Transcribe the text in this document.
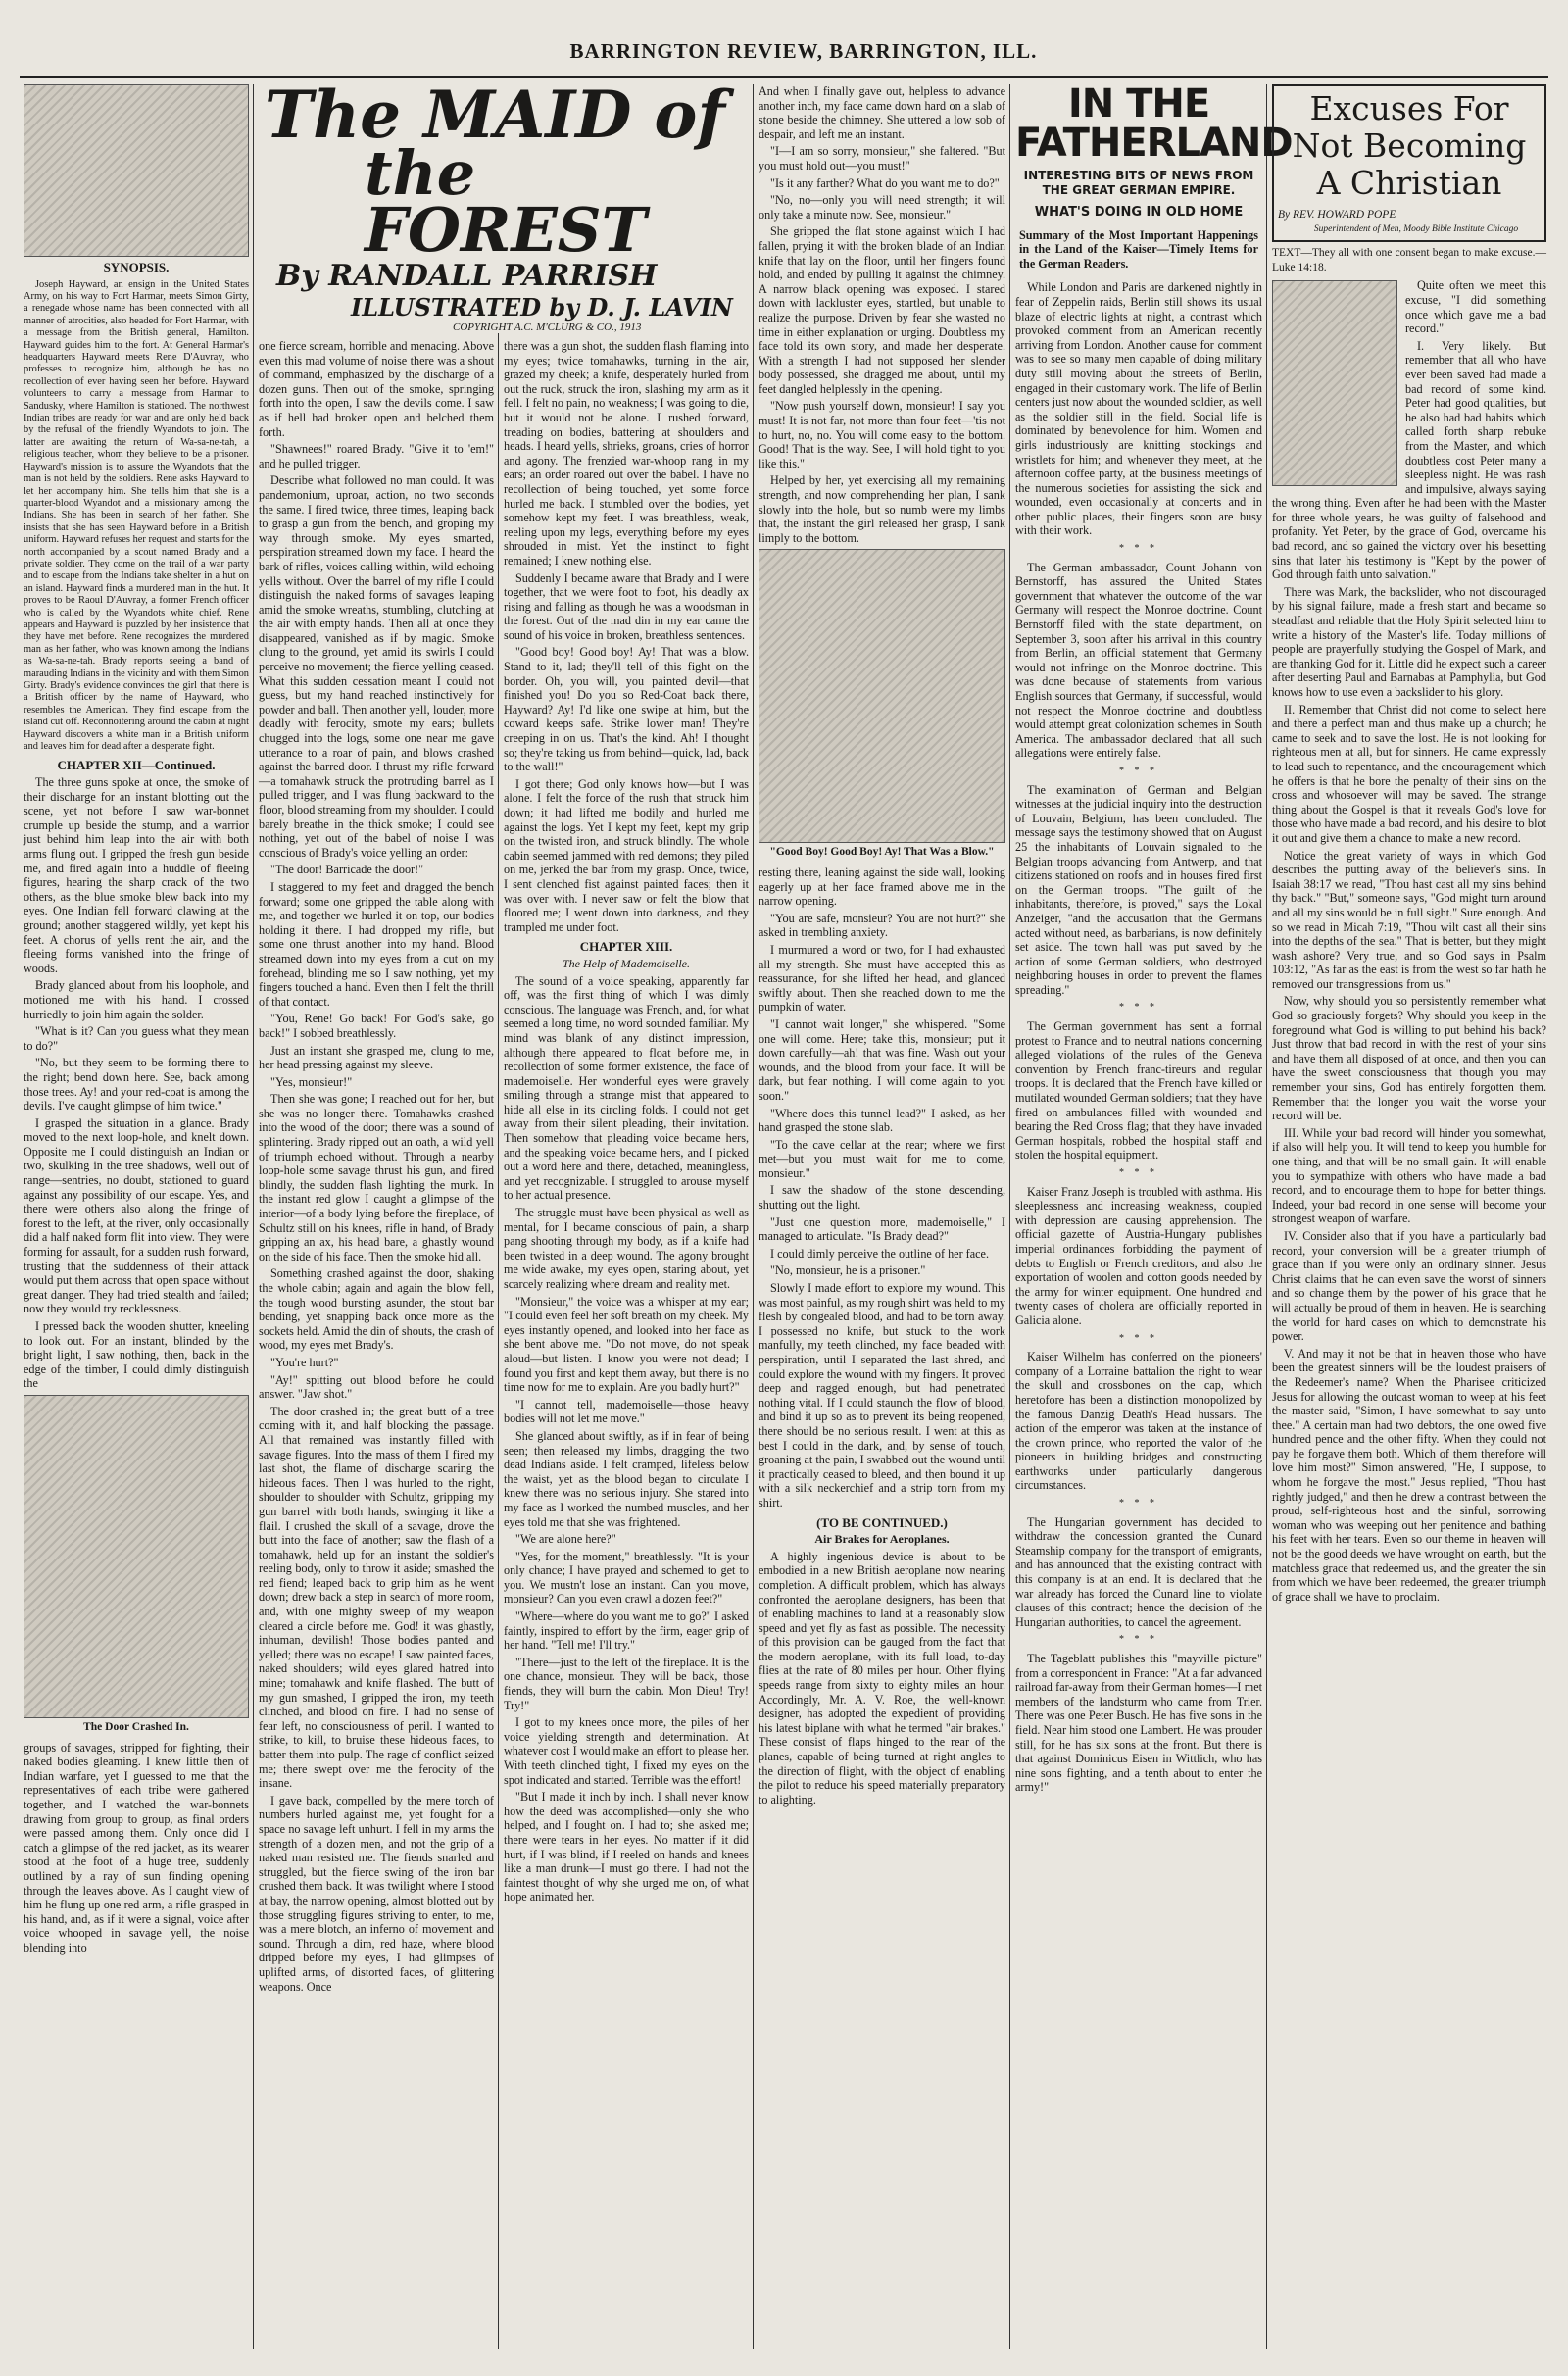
BARRINGTON REVIEW, BARRINGTON, ILL.
The MAID of
the FOREST
By RANDALL PARRISH
ILLUSTRATED by D. J. LAVIN
COPYRIGHT A.C. M'CLURG & CO., 1913
SYNOPSIS.

Joseph Hayward, an ensign in the United States Army, on his way to Fort Harmar, meets Simon Girty, a renegade whose name has been connected with all manner of atrocities, also headed for Fort Harmar, with a message from the British general, Hamilton. Hayward guides him to the fort. At General Harmar's headquarters Hayward meets Rene D'Auvray, who professes to recognize him, although he has no recollection of ever having seen her before. Hayward volunteers to carry a message from Harmar to Sandusky, where Hamilton is stationed. The northwest Indian tribes are ready for war and are only held back by the refusal of the friendly Wyandots to join. The latter are awaiting the return of Wa-sa-ne-tah, a religious teacher, whom they believe to be a prisoner. Hayward's mission is to assure the Wyandots that the man is not held by the soldiers. Rene asks Hayward to let her accompany him. She tells him that she is a quarter-blood Wyandot and a missionary among the Indians. She has been in search of her father. She insists that she has seen Hayward before in a British uniform. Hayward refuses her request and starts for the north accompanied by a scout named Brady and a private soldier. They come on the trail of a war party and to escape from the Indians take shelter in a hut on an island. Hayward finds a murdered man in the hut. It proves to be Raoul D'Auvray, a former French officer who is called by the Wyandots white chief. Rene appears and Hayward is puzzled by her insistence that they have met before. Rene recognizes the murdered man as her father, who was known among the Indians as Wa-sa-ne-tah. Brady reports seeing a band of marauding Indians in the vicinity and with them Simon Girty. Brady's evidence convinces the girl that there is a British officer by the name of Hayward, who resembles the American. They find escape from the island cut off. Reconnoitering around the cabin at night Hayward discovers a white man in a British uniform and leaves him for dead after a desperate fight.

CHAPTER XII—Continued.

The three guns spoke at once, the smoke of their discharge for an instant blotting out the scene, yet not before I saw war-bonnet crumple up beside the stump, and a warrior just behind him leap into the air with both arms flung out. I gripped the fresh gun beside me, and fired again into a huddle of fleeing figures, hearing the sharp crack of the two others, as the blue smoke blew back into my eyes. One Indian fell forward clawing at the ground; another staggered wildly, yet kept his feet. A chorus of yells rent the air, and the fleeing forms vanished into the fringe of woods.

Brady glanced about from his loophole, and motioned me with his hand. I crossed hurriedly to join him again the solder.

"What is it? Can you guess what they mean to do?"

"No, but they seem to be forming there to the right; bend down here. See, back among those trees. Ay! and your red-coat is among the devils. I've caught glimpse of him twice."

I grasped the situation in a glance. Brady moved to the next loop-hole, and knelt down. Opposite me I could distinguish an Indian or two, skulking in the tree shadows, well out of range—sentries, no doubt, stationed to guard against any possibility of our escape. Yes, and there were others also along the fringe of forest to the left, at the river, only occasionally did a half naked form flit into view. They were forming for assault, for a sudden rush forward, trusting that the suddenness of their attack would put them across that open space without great danger. They had tried stealth and failed; now they would try recklessness.

I pressed back the wooden shutter, kneeling to look out. For an instant, blinded by the bright light, I saw nothing, then, back in the edge of the timber, I could dimly distinguish the

The Door Crashed In.

groups of savages, stripped for fighting, their naked bodies gleaming. I knew little then of Indian warfare, yet I guessed to me that the representatives of each tribe were gathered together, and I watched the war-bonnets drawing from group to group, as final orders were passed among them. Only once did I catch a glimpse of the red jacket, as its wearer stood at the foot of a huge tree, suddenly outlined by a ray of sun finding opening through the leaves above. As I caught view of him he flung up one red arm, a rifle grasped in his hand, and, as if it were a signal, voice after voice whooped in savage yell, the noise blending into

one fierce scream, horrible and menacing. Above even this mad volume of noise there was a shout of command, emphasized by the discharge of a dozen guns. Then out of the smoke, springing forth into the open, I saw the devils come. I saw as if hell had broken open and belched them forth.

"Shawnees!" roared Brady. "Give it to 'em!" and he pulled trigger.

Describe what followed no man could. It was pandemonium, uproar, action, no two seconds the same. I fired twice, three times, leaping back to grasp a gun from the bench, and groping my way through smoke. My eyes smarted, perspiration streamed down my face. I heard the bark of rifles, voices calling within, wild echoing yells without. Over the barrel of my rifle I could distinguish the naked forms of savages leaping amid the smoke wreaths, stumbling, clutching at the air with empty hands. Then all at once they disappeared, vanished as if by magic. Smoke clung to the ground, yet amid its swirls I could perceive no movement; the fierce yelling ceased. What this sudden cessation meant I could not guess, but my hand reached instinctively for powder and ball. Then another yell, louder, more deadly with ferocity, smote my ears; bullets chugged into the logs, some one near me gave utterance to a roar of pain, and blows crashed against the barred door. I thrust my rifle forward—a tomahawk struck the protruding barrel as I pulled trigger, and I was flung backward to the floor, blood streaming from my shoulder. I could barely breathe in the thick smoke; I could see nothing, yet out of the babel of noise I was conscious of Brady's voice yelling an order:

"The door! Barricade the door!"

I staggered to my feet and dragged the bench forward; some one gripped the table along with me, and together we hurled it on top, our bodies holding it there. I had dropped my rifle, but some one thrust another into my hand. Blood streamed down into my eyes from a cut on my forehead, blinding me so I saw nothing, yet my fingers touched a hand. Even then I felt the thrill of that contact.

"You, Rene! Go back! For God's sake, go back!" I sobbed breathlessly.

Just an instant she grasped me, clung to me, her head pressing against my sleeve.

"Yes, monsieur!"

Then she was gone; I reached out for her, but she was no longer there. Tomahawks crashed into the wood of the door; there was a sound of splintering. Brady ripped out an oath, a wild yell of triumph echoed without. Through a nearby loop-hole some savage thrust his gun, and fired blindly, the sudden flash lighting the murk. In the instant red glow I caught a glimpse of the interior—of a body lying before the fireplace, of Schultz still on his knees, rifle in hand, of Brady gripping an ax, his head bare, a ghastly wound on the side of his face. Then the smoke hid all.

Something crashed against the door, shaking the whole cabin; again and again the blow fell, the tough wood bursting asunder, the stout bar bending, yet snapping back once more as the sockets held. Amid the din of shouts, the crash of wood, my eyes met Brady's.

"You're hurt?"

"Ay!" spitting out blood before he could answer. "Jaw shot."

The door crashed in; the great butt of a tree coming with it, and half blocking the passage. All that remained was instantly filled with savage figures. Into the mass of them I fired my last shot, the flame of discharge scaring the hideous faces. Then I was hurled to the right, shoulder to shoulder with Schultz, gripping my gun barrel with both hands, swinging it like a flail. I crushed the skull of a savage, drove the butt into the face of another; saw the flash of a tomahawk, held up for an instant the soldier's reeling body, only to throw it aside; smashed the red fiend; leaped back to grip him as he went down; drew back a step in search of more room, and, with one mighty sweep of my weapon cleared a circle before me. God! it was ghastly, inhuman, devilish! Those bodies panted and yelled; there was no escape! I saw painted faces, naked shoulders; wild eyes glared hatred into mine; tomahawk and knife flashed. The butt of my gun smashed, I gripped the iron, my teeth clinched, and blood on fire. I had no sense of fear left, no consciousness of peril. I wanted to strike, to kill, to bruise these hideous faces, to batter them into pulp. The rage of conflict seized me; there swept over me the ferocity of the insane.

I gave back, compelled by the mere torch of numbers hurled against me, yet fought for a space no savage left unhurt. I fell in my arms the strength of a dozen men, and not the grip of a naked man resisted me. The fiends snarled and struggled, but the fierce swing of the iron bar crushed them back. It was twilight where I stood at bay, the narrow opening, almost blotted out by those struggling figures striving to enter, to me, was a mere blotch, an inferno of movement and sound. Through a dim, red haze, where blood dripped before my eyes, I had glimpses of uplifted arms, of distorted faces, of glittering weapons. Once

there was a gun shot, the sudden flash flaming into my eyes; twice tomahawks, turning in the air, grazed my cheek; a knife, desperately hurled from out the ruck, struck the iron, slashing my arm as it fell. I felt no pain, no weakness; I was going to die, but it would not be alone. I rushed forward, treading on bodies, battering at shoulders and heads. I heard yells, shrieks, groans, cries of horror and agony. The frenzied war-whoop rang in my ears; an order roared out over the babel. I have no recollection of being touched, yet some force hurled me back. I stumbled over the bodies, yet somehow kept my feet. I was breathless, weak, reeling upon my legs, everything before my eyes shrouded in mist. Yet the instinct to fight remained; I knew nothing else.

Suddenly I became aware that Brady and I were together, that we were foot to foot, his deadly ax rising and falling as though he was a woodsman in the forest. Out of the mad din in my ear came the sound of his voice in broken, breathless sentences.

"Good boy! Good boy! Ay! That was a blow. Stand to it, lad; they'll tell of this fight on the border. Oh, you will, you painted devil—that finished you! Do you so Red-Coat back there, Hayward? Ay! I'd like one swipe at him, but the coward keeps safe. Strike lower man! They're creeping in on us. That's the kind. Ah! I thought so; they're taking us from behind—quick, lad, back to the wall!"

I got there; God only knows how—but I was alone. I felt the force of the rush that struck him down; it had lifted me bodily and hurled me against the logs. Yet I kept my feet, kept my grip on the twisted iron, and struck blindly. The whole cabin seemed jammed with red demons; they piled on me, jerked the bar from my grasp. Once, twice, I sent clenched fist against painted faces; then it was over with. I never saw or felt the blow that floored me; I went down into darkness, and they trampled me under foot.

CHAPTER XIII.
The Help of Mademoiselle.

The sound of a voice speaking, apparently far off, was the first thing of which I was dimly conscious. The language was French, and, for what seemed a long time, no word sounded familiar. My mind was blank of any distinct impression, although there appeared to float before me, in recollection of some former existence, the face of mademoiselle. Her wonderful eyes were gravely smiling through a strange mist that appeared to hide all else in its circling folds. I could not get away from their silent pleading, their invitation. Then somehow that pleading voice became hers, and the speaking voice became hers, and I picked out a word here and there, detached, meaningless, and yet recognizable. I struggled to arouse myself to her actual presence.

The struggle must have been physical as well as mental, for I became conscious of pain, a sharp pang shooting through my body, as if a knife had been twisted in a deep wound. The agony brought me wide awake, my eyes open, staring about, yet scarcely realizing where dream and reality met.

"Monsieur," the voice was a whisper at my ear; "I could even feel her soft breath on my cheek. My eyes instantly opened, and looked into her face as she bent above me. "Do not move, do not speak aloud—but listen. I know you were not dead; I found you first and kept them away, but there is no time now for me to explain. Are you badly hurt?"

"I cannot tell, mademoiselle—those heavy bodies will not let me move."

She glanced about swiftly, as if in fear of being seen; then released my limbs, dragging the two dead Indians aside. I felt cramped, lifeless below the waist, yet as the blood began to circulate I knew there was no serious injury. She stared into my face as I worked the numbed muscles, and her eyes told me that she was frightened.

"We are alone here?"

"Yes, for the moment," breathlessly. "It is your only chance; I have prayed and schemed to get to you. We mustn't lose an instant. Can you move, monsieur? Can you even crawl a dozen feet?"

"Where—where do you want me to go?" I asked faintly, inspired to effort by the firm, eager grip of her hand. "Tell me! I'll try."

"There—just to the left of the fireplace. It is the one chance, monsieur. They will be back, those fiends, they will burn the cabin. Mon Dieu! Try! Try!"

I got to my knees once more, the piles of her voice yielding strength and determination. At whatever cost I would make an effort to please her. With teeth clinched tight, I fixed my eyes on the spot indicated and started. Terrible was the effort!

"But I made it inch by inch. I shall never know how the deed was accomplished—only she who helped, and I fought on. I had to; she asked me; there were tears in her eyes. No matter if it did hurt, if I was blind, if I reeled on hands and knees like a man drunk—I must go there. I had not the faintest thought of why she urged me on, of what hope animated her.

And when I finally gave out, helpless to advance another inch, my face came down hard on a slab of stone beside the chimney. She uttered a low sob of despair, and left me an instant.

"I—I am so sorry, monsieur," she faltered. "But you must hold out—you must!"

"Is it any farther? What do you want me to do?"

"No, no—only you will need strength; it will only take a minute now. See, monsieur."

She gripped the flat stone against which I had fallen, prying it with the broken blade of an Indian knife that lay on the floor, until her fingers found hold, and ended by pulling it against the chimney. A narrow black opening was exposed. I stared down with lackluster eyes, startled, but unable to realize the purpose. Driven by fear she wasted no time in either explanation or urging. Doubtless my face told its own story, and made her desperate. With a strength I had not supposed her slender body possessed, she dragged me about, until my feet dangled helplessly in the opening.

"Now push yourself down, monsieur! I say you must! It is not far, not more than four feet—'tis not to hurt, no, no. You will come easy to the bottom. Good! That is the way. See, I will hold tight to you like this."

Helped by her, yet exercising all my remaining strength, and now comprehending her plan, I sank slowly into the hole, but so numb were my limbs that, the instant the girl released her grasp, I sank limply to the bottom.

"Good Boy! Good Boy! Ay! That Was a Blow."

resting there, leaning against the side wall, looking eagerly up at her face framed above me in the narrow opening.

"You are safe, monsieur? You are not hurt?" she asked in trembling anxiety.

I murmured a word or two, for I had exhausted all my strength. She must have accepted this as reassurance, for she lifted her head, and glanced swiftly about. Then she reached down to me the pumpkin of water.

"I cannot wait longer," she whispered. "Some one will come. Here; take this, monsieur; put it down carefully—ah! that was fine. Wash out your wounds, and the blood from your face. It will be dark, but fear nothing. I will come again to you soon."

"Where does this tunnel lead?" I asked, as her hand grasped the stone slab.

"To the cave cellar at the rear; where we first met—but you must wait for me to come, monsieur."

I saw the shadow of the stone descending, shutting out the light.

"Just one question more, mademoiselle," I managed to articulate. "Is Brady dead?"

I could dimly perceive the outline of her face.

"No, monsieur, he is a prisoner."

Slowly I made effort to explore my wound. This was most painful, as my rough shirt was held to my flesh by congealed blood, and had to be torn away. I possessed no knife, but stuck to the work manfully, my teeth clinched, my face beaded with perspiration, until I separated the last shred, and could explore the wound with my fingers. It proved deep and ragged enough, but had penetrated nothing vital. If I could staunch the flow of blood, and bind it up so as to prevent its being reopened, there should be no serious result. I went at this as best I could in the dark, and, by sense of touch, groaning at the pain, I swabbed out the wound until it practically ceased to bleed, and then bound it up with a silk neckerchief and a strip torn from my shirt.

(TO BE CONTINUED.)
Air Brakes for Aeroplanes.

A highly ingenious device is about to be embodied in a new British aeroplane now nearing completion. A difficult problem, which has always confronted the aeroplane designers, has been that of enabling machines to land at a reasonably slow speed and yet fly as fast as possible. The necessity of this provision can be gauged from the fact that the modern aeroplane, with its full load, to-day flies at the rate of 80 miles per hour. Other flying speeds range from sixty to eighty miles an hour. Accordingly, Mr. A. V. Roe, the well-known designer, has adopted the expedient of providing his latest biplane with what he termed "air brakes." These consist of flaps hinged to the rear of the planes, capable of being turned at right angles to the direction of flight, with the object of enabling the pilot to reduce his speed materially preparatory to alighting.

IN THE FATHERLAND
INTERESTING BITS OF NEWS FROM THE GREAT GERMAN EMPIRE.
WHAT'S DOING IN OLD HOME
Summary of the Most Important Happenings in the Land of the Kaiser—Timely Items for the German Readers.

While London and Paris are darkened nightly in fear of Zeppelin raids, Berlin still shows its usual blaze of electric lights at night, a contrast which provoked comment from an American recently arriving from London. Another cause for comment was to see so many men capable of doing military duty still moving about the streets of Berlin, engaged in their customary work. The life of Berlin centers just now about the wounded soldier, as well as the soldier still in the field. Social life is dominated by benevolence for him. Women and girls industriously are knitting stockings and wristlets for him; and whenever they meet, at the afternoon coffee party, at the business meetings of the numerous societies for assisting the sick and wounded, even occasionally at concerts and in other public places, their fingers soon are busy with their work.

* * *

The German ambassador, Count Johann von Bernstorff, has assured the United States government that whatever the outcome of the war Germany will respect the Monroe doctrine. Count Bernstorff filed with the state department, on September 3, soon after his arrival in this country from Berlin, an official statement that Germany would not infringe on the Monroe doctrine. This was done because of statements from various English sources that Germany, if successful, would not respect the Monroe doctrine and doubtless would attempt great colonization schemes in South America. The ambassador declared that all such allegations were entirely false.

* * *

The examination of German and Belgian witnesses at the judicial inquiry into the destruction of Louvain, Belgium, has been concluded. The message says the testimony showed that on August 25 the inhabitants of Louvain signaled to the Belgian troops advancing from Antwerp, and that citizens stationed on roofs and in houses fired first on the German troops. "The guilt of the inhabitants, therefore, is proved," says the Lokal Anzeiger, "and the accusation that the Germans acted without need, as barbarians, is now definitely set aside. The town hall was put saved by the action of some German soldiers, who destroyed neighboring houses in order to prevent the flames spreading."

* * *

The German government has sent a formal protest to France and to neutral nations concerning alleged violations of the rules of the Geneva convention by French franc-tireurs and regular troops. It is declared that the French have killed or mutilated wounded German soldiers; that they have fired on ambulances filled with wounded and bearing the Red Cross flag; that they have invaded German hospitals, robbed the hospital staff and stolen the hospital equipment.

* * *

Kaiser Franz Joseph is troubled with asthma. His sleeplessness and increasing weakness, coupled with depression are causing apprehension. The official gazette of Austria-Hungary publishes imperial ordinances forbidding the payment of debts to English or French creditors, and also the exportation of woolen and cotton goods needed by the army for winter equipment. One hundred and twenty cases of cholera are officially reported in Galicia alone.

* * *

Kaiser Wilhelm has conferred on the pioneers' company of a Lorraine battalion the right to wear the skull and crossbones on the cap, which heretofore has been a distinction monopolized by the famous Danzig Death's Head hussars. The action of the emperor was taken at the instance of the crown prince, who reported the valor of the pioneers in building bridges and constructing earthworks under particularly dangerous circumstances.

* * *

The Hungarian government has decided to withdraw the concession granted the Cunard Steamship company for the transport of emigrants, and has announced that the existing contract with this company is at an end. It is declared that the war already has forced the Cunard line to violate clauses of this contract; hence the decision of the Hungarian authorities, to cancel the agreement.

* * *

The Tageblatt publishes this "mayville picture" from a correspondent in France: "At a far advanced railroad far-away from their German homes—I met members of the landsturm who came from Trier. There was one Peter Busch. He has five sons in the field. Near him stood one Lambert. He was prouder still, for he has six sons at the front. But there is that against Dominicus Eisen in Wittlich, who has nine sons fighting, and a tenth about to enter the army!"

Excuses For Not Becoming A Christian
By REV. HOWARD POPE
Superintendent of Men, Moody Bible Institute Chicago
TEXT—They all with one consent began to make excuse.—Luke 14:18.

Quite often we meet this excuse, "I did something once which gave me a bad record."

I. Very likely. But remember that all who have ever been saved had made a bad record of some kind. Peter had good qualities, but he also had bad habits which called forth sharp rebuke from the Master, and which doubtless cost Peter many a sleepless night. He was rash and impulsive, always saying the wrong thing. Even after he had been with the Master for three whole years, he was guilty of falsehood and profanity. Yet Peter, by the grace of God, overcame his bad record, and so gained the victory over his besetting sins that later his testimony is "Kept by the power of God through faith unto salvation."

There was Mark, the backslider, who not discouraged by his signal failure, made a fresh start and became so steadfast and reliable that the Holy Spirit selected him to write a history of the Master's life. Today millions of people are prayerfully studying the Gospel of Mark, and are thanking God for it. Little did he expect such a career after deserting Paul and Barnabas at Pamphylia, but God knows how to use even a backslider to his glory.

II. Remember that Christ did not come to select here and there a perfect man and thus make up a church; he came to seek and to save the lost. He is not looking for righteous men at all, but for sinners. He came expressly to lead such to repentance, and the encouragement which he offers is that he bore the penalty of their sins on the cross and whosoever will may be saved. The strange thing about the Gospel is that it reveals God's love for those who have made a bad record, and his desire to blot it out and give them a chance to make a new record.

Notice the great variety of ways in which God describes the putting away of the believer's sins. In Isaiah 38:17 we read, "Thou hast cast all my sins behind thy back." "But," someone says, "God might turn around and all my sins would be in full sight." Sure enough. And so we read in Micah 7:19, "Thou wilt cast all their sins into the depths of the sea." That is better, but they might wash ashore? Very true, and so God says in Psalm 103:12, "As far as the east is from the west so far hath he removed our transgressions from us."

Now, why should you so persistently remember what God so graciously forgets? Why should you keep in the foreground what God is willing to put behind his back? Just throw that bad record in with the rest of your sins and have them all disposed of at once, and then you can have the sweet consciousness that though you may remember your sins, God has entirely forgotten them. Remember that the longer you wait the worse your record will be.

III. While your bad record will hinder you somewhat, if also will help you. It will tend to keep you humble for one thing, and that will be no small gain. It will enable you to sympathize with others who have made a bad record, and to encourage them to hope for better things. Indeed, your bad record in one sense will become your strongest weapon of warfare.

IV. Consider also that if you have a particularly bad record, your conversion will be a greater triumph of grace than if you were only an ordinary sinner. Jesus Christ claims that he can even save the worst of sinners and so change them by the power of his grace that he will actually be proud of them in heaven. He is searching the world for hard cases on which to demonstrate his power.

V. And may it not be that in heaven those who have been the greatest sinners will be the loudest praisers of the Redeemer's name? When the Pharisee criticized Jesus for allowing the outcast woman to weep at his feet the master said, "Simon, I have somewhat to say unto thee." A certain man had two debtors, the one owed five hundred pence and the other fifty. When they could not pay he forgave them both. Which of them therefore will love him most?" Simon answered, "He, I suppose, to whom he forgave the most." Jesus replied, "Thou hast rightly judged," and then he drew a contrast between the proud, self-righteous host and the sinful, sorrowing woman who was weeping out her penitence and bathing his feet with her tears. Even so our theme in heaven will not be the good deeds we have wrought on earth, but the matchless grace that redeemed us, and the greater the sin from which we have been redeemed, the greater triumph of grace shall we have to proclaim.
